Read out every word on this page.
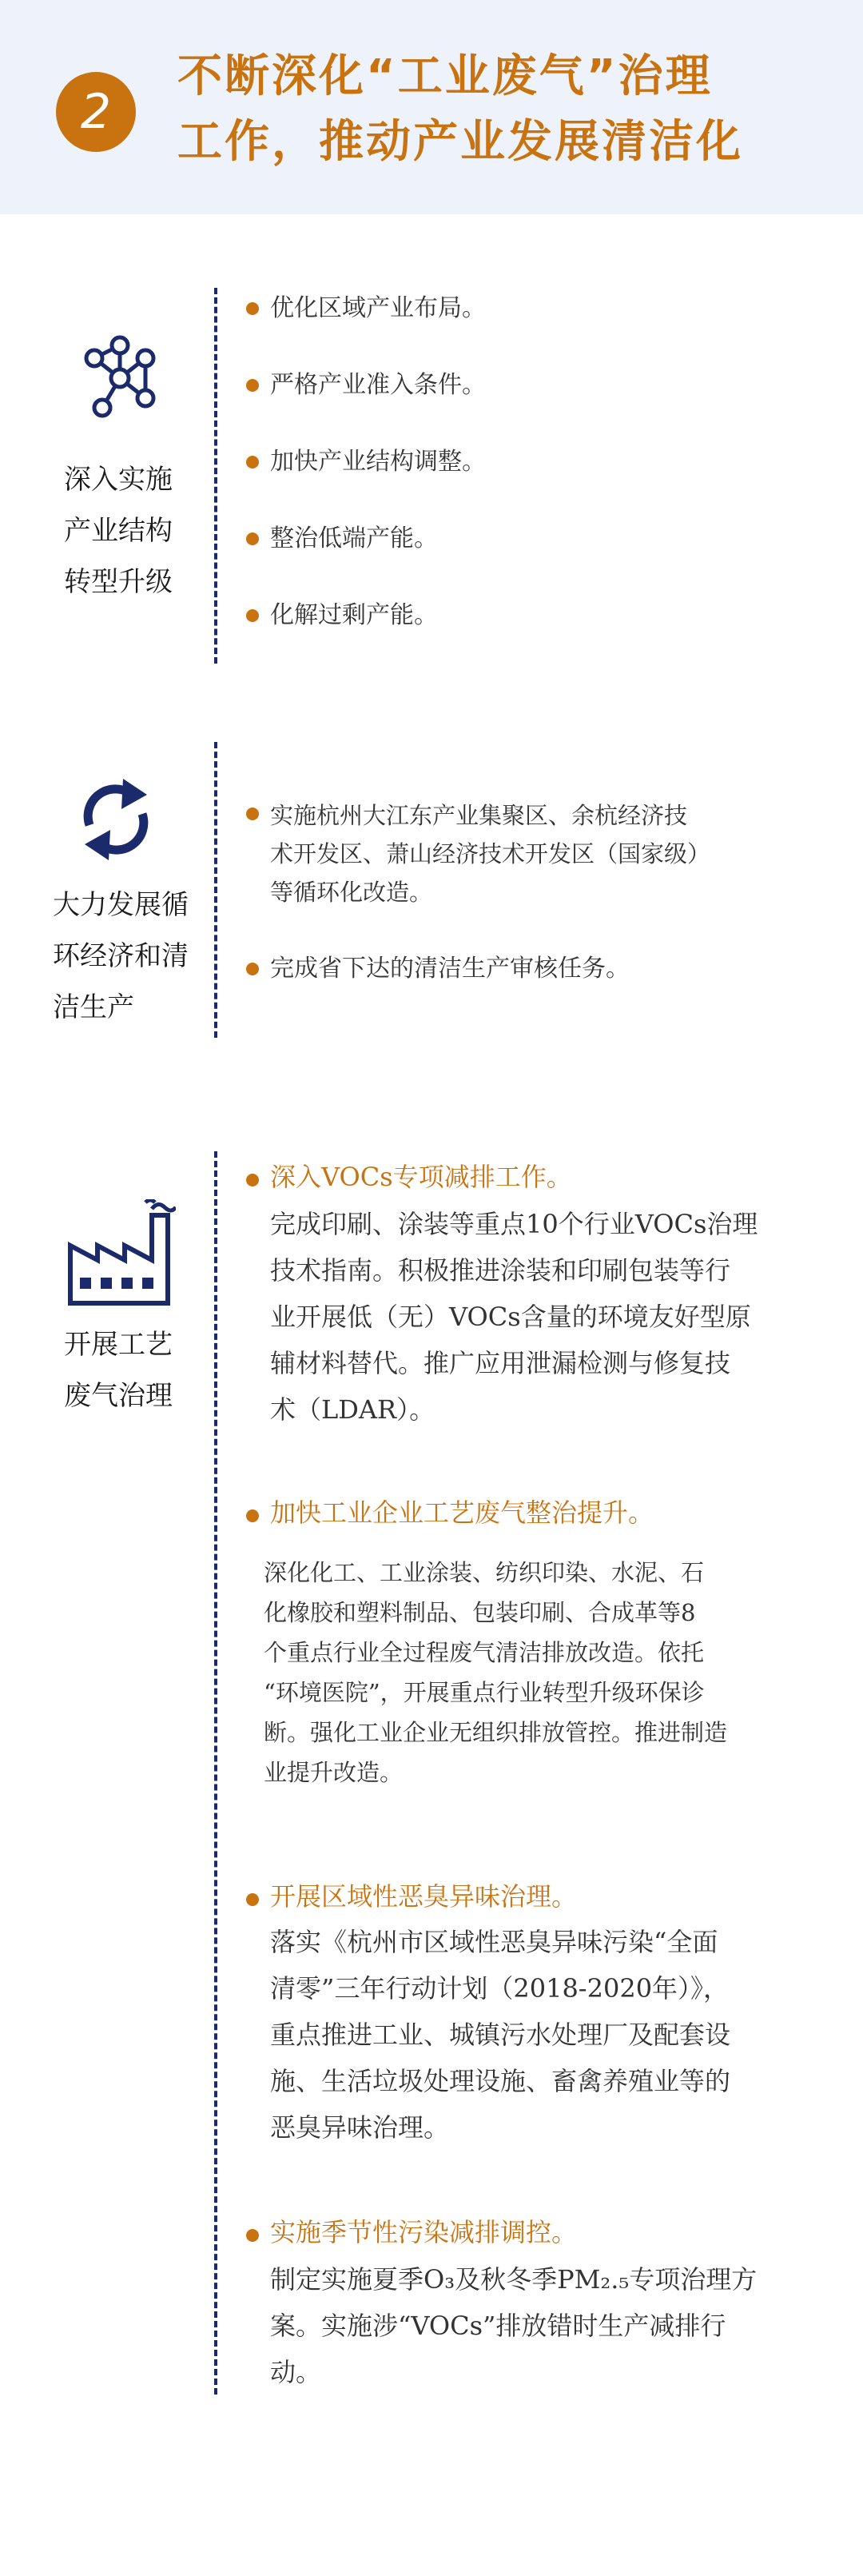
2
不断深化“工业废气”治理
工作，推动产业发展清洁化
深入实施
产业结构
转型升级
优化区域产业布局。
严格产业准入条件。
加快产业结构调整。
整治低端产能。
化解过剩产能。
大力发展循
环经济和清
洁生产
实施杭州大江东产业集聚区、余杭经济技
术开发区、萧山经济技术开发区（国家级）
等循环化改造。
完成省下达的清洁生产审核任务。
开展工艺
废气治理
深入VOCs专项减排工作。
完成印刷、涂装等重点10个行业VOCs治理
技术指南。积极推进涂装和印刷包装等行
业开展低（无）VOCs含量的环境友好型原
辅材料替代。推广应用泄漏检测与修复技
术（LDAR）。
加快工业企业工艺废气整治提升。
深化化工、工业涂装、纺织印染、水泥、石
化橡胶和塑料制品、包装印刷、合成革等8
个重点行业全过程废气清洁排放改造。依托
“环境医院”，开展重点行业转型升级环保诊
断。强化工业企业无组织排放管控。推进制造
业提升改造。
开展区域性恶臭异味治理。
落实《杭州市区域性恶臭异味污染“全面
清零”三年行动计划（2018-2020年）》，
重点推进工业、城镇污水处理厂及配套设
施、生活垃圾处理设施、畜禽养殖业等的
恶臭异味治理。
实施季节性污染减排调控。
制定实施夏季O₃及秋冬季PM₂.₅专项治理方
案。实施涉“VOCs”排放错时生产减排行
动。
